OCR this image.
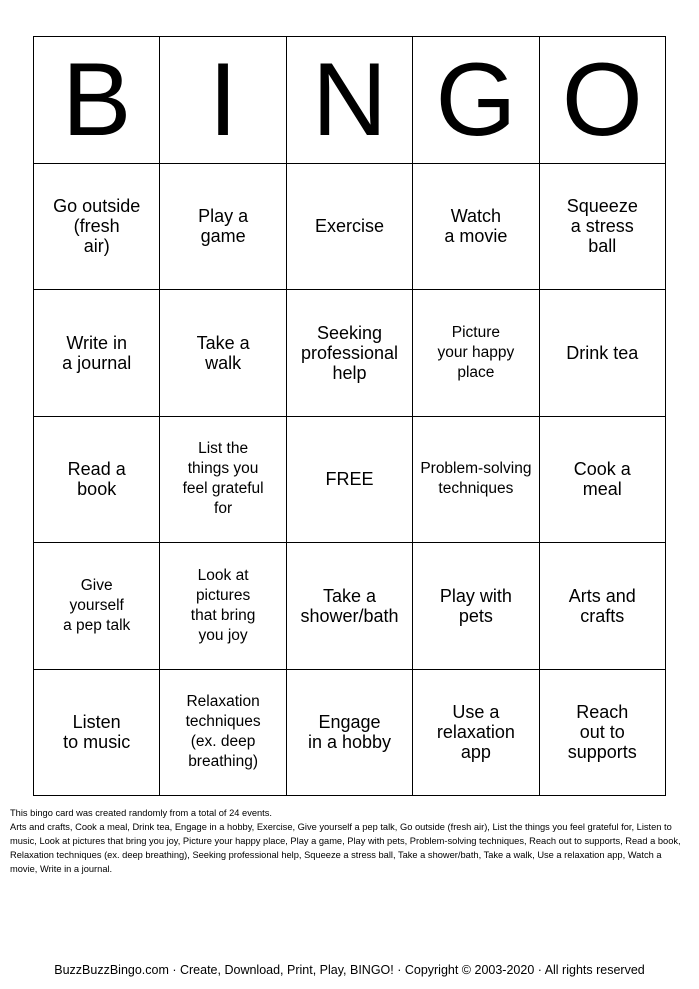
B I N G O
Go outside
(fresh
air)
Play a
game	Exercise	Watch
a movie
Squeeze
a stress
ball
Write in
a journal
Take a
walk
Seeking
professional
help
Picture
your happy
place
Drink tea
Read a
book
List the
things you
feel grateful
for
FREE
Problem-solving
techniques
Cook a
meal
Give
yourself
a pep talk
Look at
pictures
that bring
you joy
Take a
shower/bath
Play with
pets
Arts and
crafts
Listen
to music
Relaxation
techniques
(ex. deep
breathing)
Engage
in a hobby
Use a
relaxation
app
Reach
out to
supports

This bingo card was created randomly from a total of 24 events.

Arts and crafts, Cook a meal, Drink tea, Engage in a hobby, Exercise, Give yourself a pep talk, Go outside (fresh air), List the things you feel grateful for, Listen to music, Look at pictures that bring you joy, Picture your happy place, Play a game, Play with pets, Problem-solving techniques, Reach out to supports, Read a book, Relaxation techniques (ex. deep breathing), Seeking professional help, Squeeze a stress ball, Take a shower/bath, Take a walk, Use a relaxation app, Watch a movie, Write in a journal.

BuzzBuzzBingo.com · Create, Download, Print, Play, BINGO! · Copyright © 2003-2020 · All rights reserved
